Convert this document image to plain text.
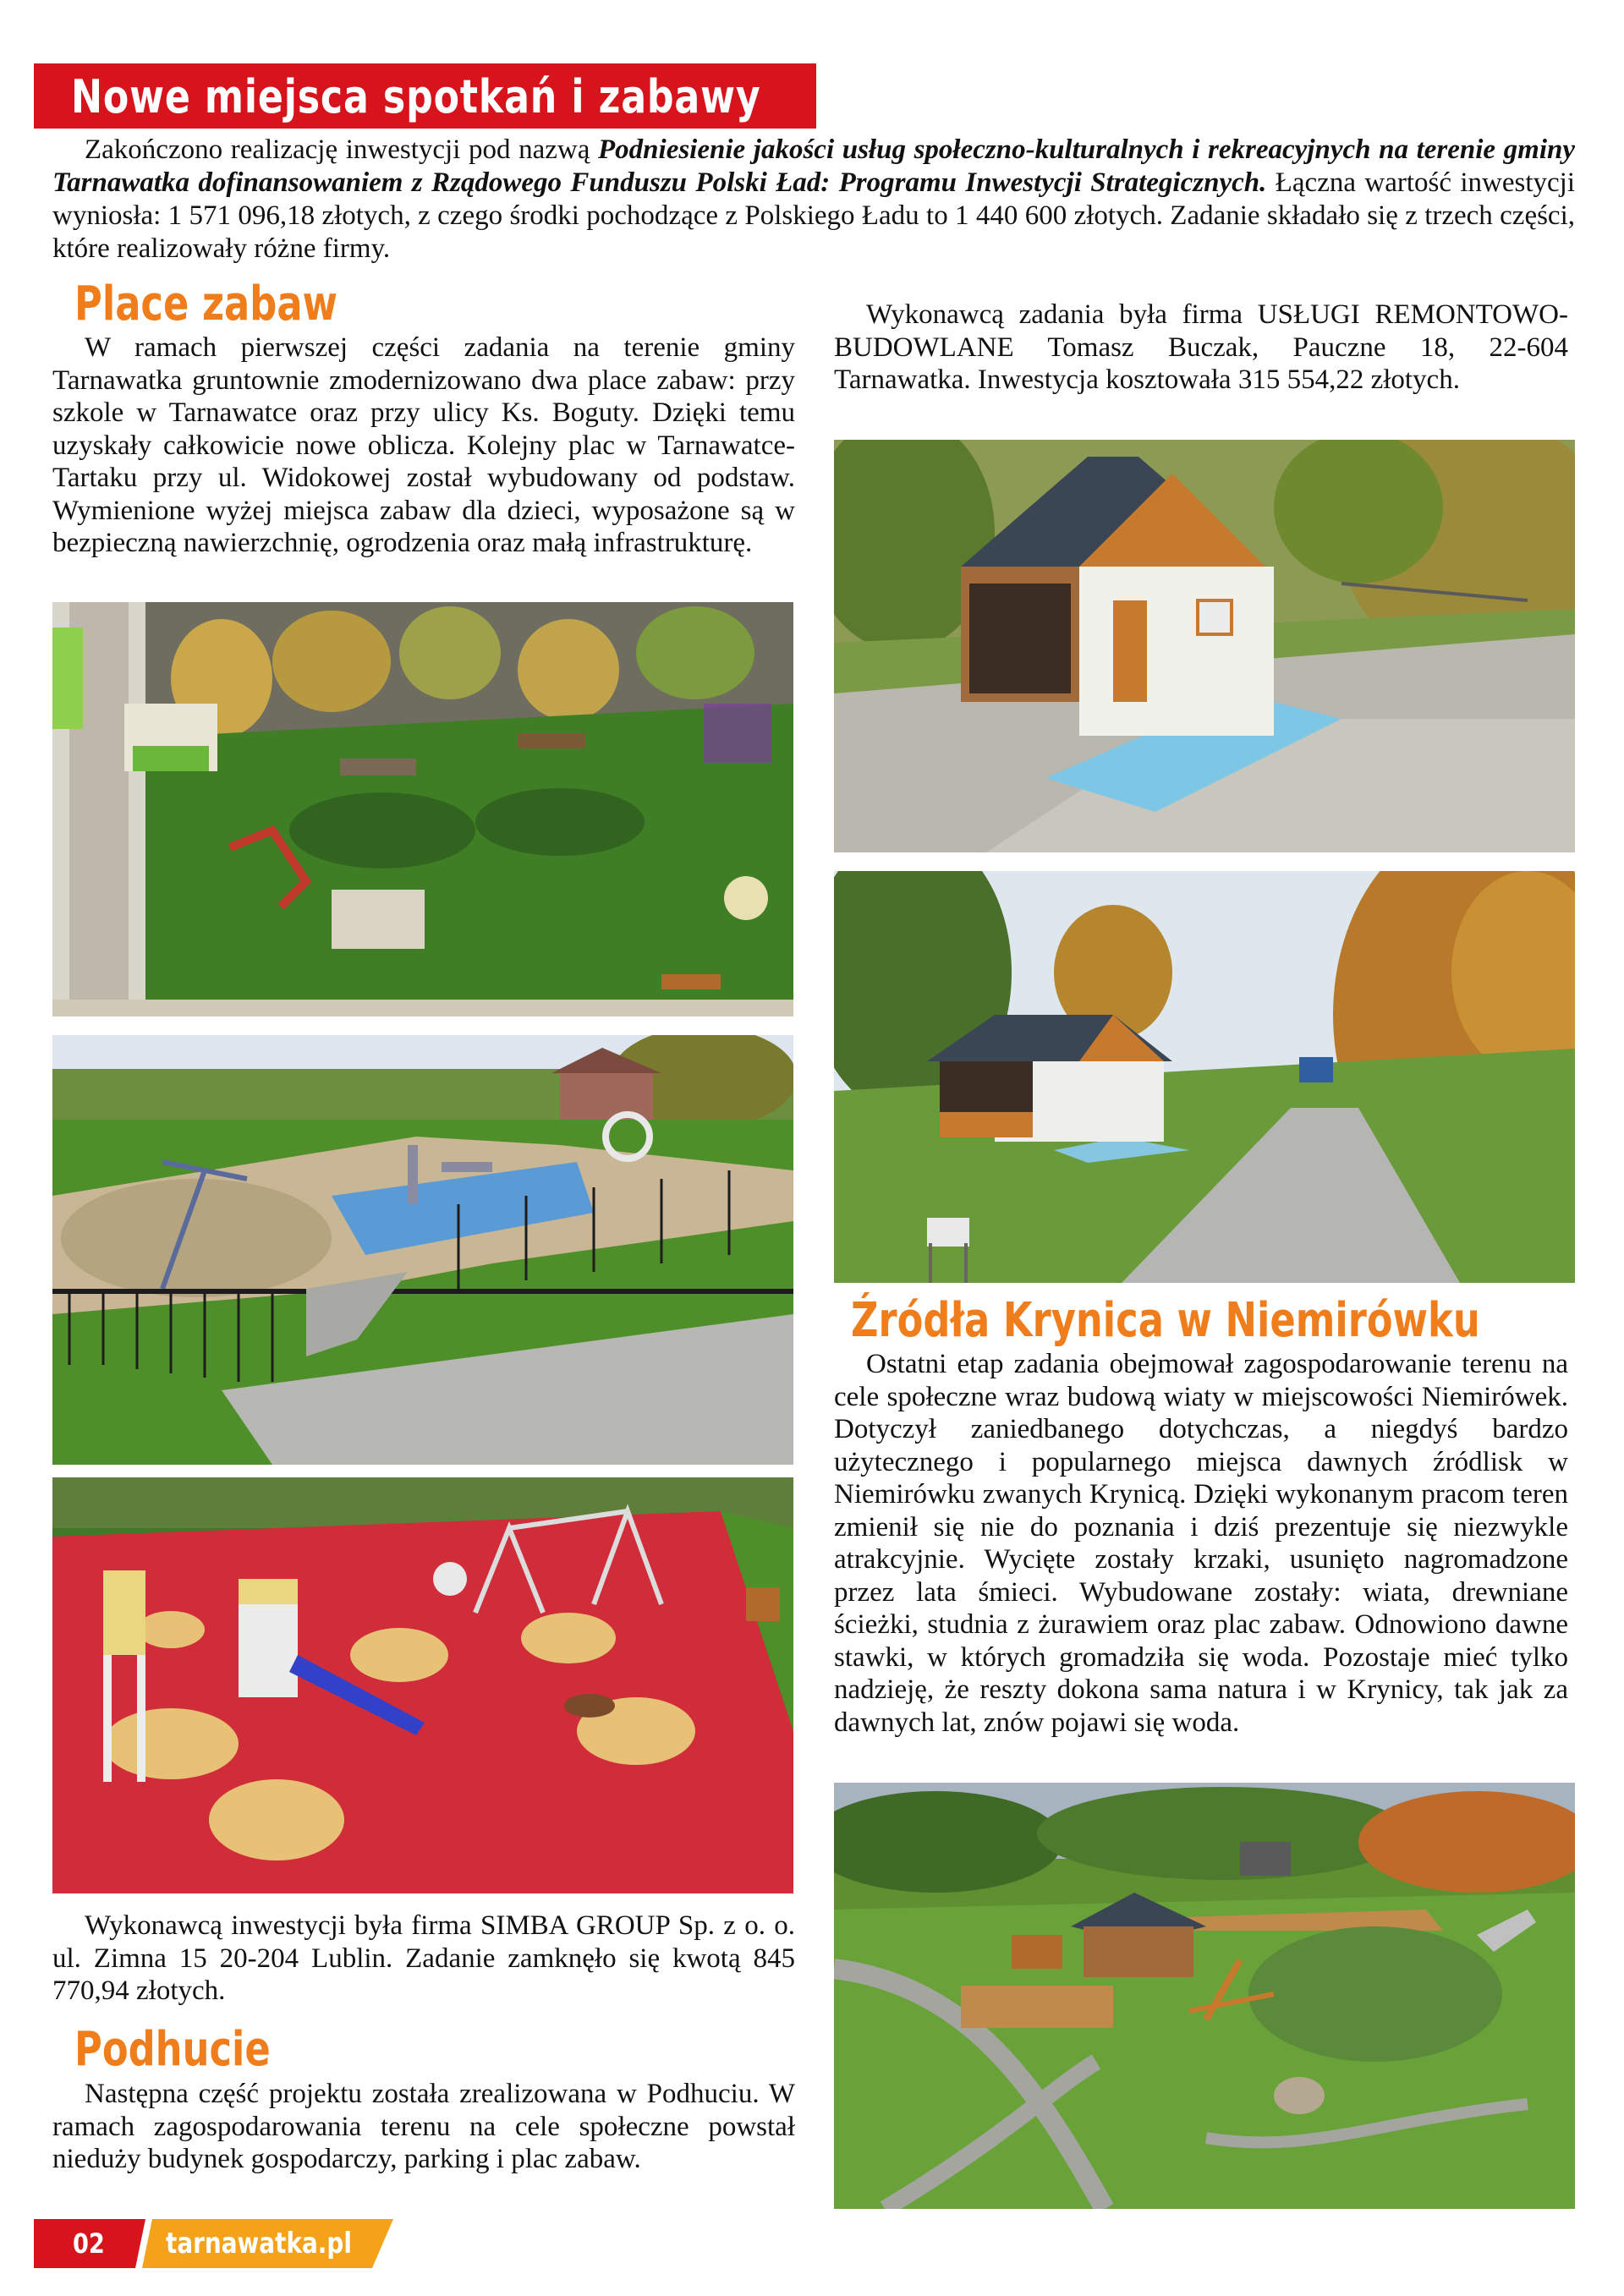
Nowe miejsca spotkań i zabawy

Zakończono realizację inwestycji pod nazwą Podniesienie jakości usług społeczno-kulturalnych i rekreacyjnych na terenie gminy Tarnawatka dofinansowaniem z Rządowego Funduszu Polski Ład: Programu Inwestycji Strategicznych. Łączna wartość inwestycji wyniosła: 1 571 096,18 złotych, z czego środki pochodzące z Polskiego Ładu to 1 440 600 złotych. Zadanie składało się z trzech części, które realizowały różne firmy.

Place zabaw

W ramach pierwszej części zadania na terenie gminy Tarnawatka gruntownie zmodernizowano dwa place zabaw: przy szkole w Tarnawatce oraz przy ulicy Ks. Boguty. Dzięki temu uzyskały całkowicie nowe oblicza. Kolejny plac w Tarnawatce-Tartaku przy ul. Widokowej został wybudowany od podstaw. Wymienione wyżej miejsca zabaw dla dzieci, wyposażone są w bezpieczną nawierzchnię, ogrodzenia oraz małą infrastrukturę.

Wykonawcą inwestycji była firma SIMBA GROUP Sp. z o. o. ul. Zimna 15 20-204 Lublin. Zadanie zamknęło się kwotą 845 770,94 złotych.

Podhucie

Następna część projektu została zrealizowana w Podhuciu. W ramach zagospodarowania terenu na cele społeczne powstał nieduży budynek gospodarczy, parking i plac zabaw.

Wykonawcą zadania była firma USŁUGI REMONTOWO-BUDOWLANE Tomasz Buczak, Paucznе 18, 22-604 Tarnawatka. Inwestycja kosztowała 315 554,22 złotych.

Źródła Krynica w Niemirówku

Ostatni etap zadania obejmował zagospodarowanie terenu na cele społeczne wraz budową wiaty w miejscowości Niemirówek. Dotyczył zaniedbanego dotychczas, a niegdyś bardzo użytecznego i popularnego miejsca dawnych źródlisk w Niemirówku zwanych Krynicą. Dzięki wykonanym pracom teren zmienił się nie do poznania i dziś prezentuje się niezwykle atrakcyjnie. Wycięte zostały krzaki, usunięto nagromadzone przez lata śmieci. Wybudowane zostały: wiata, drewniane ścieżki, studnia z żurawiem oraz plac zabaw. Odnowiono dawne stawki, w których gromadziła się woda. Pozostaje mieć tylko nadzieję, że reszty dokona sama natura i w Krynicy, tak jak za dawnych lat, znów pojawi się woda.

02 tarnawatka.pl
